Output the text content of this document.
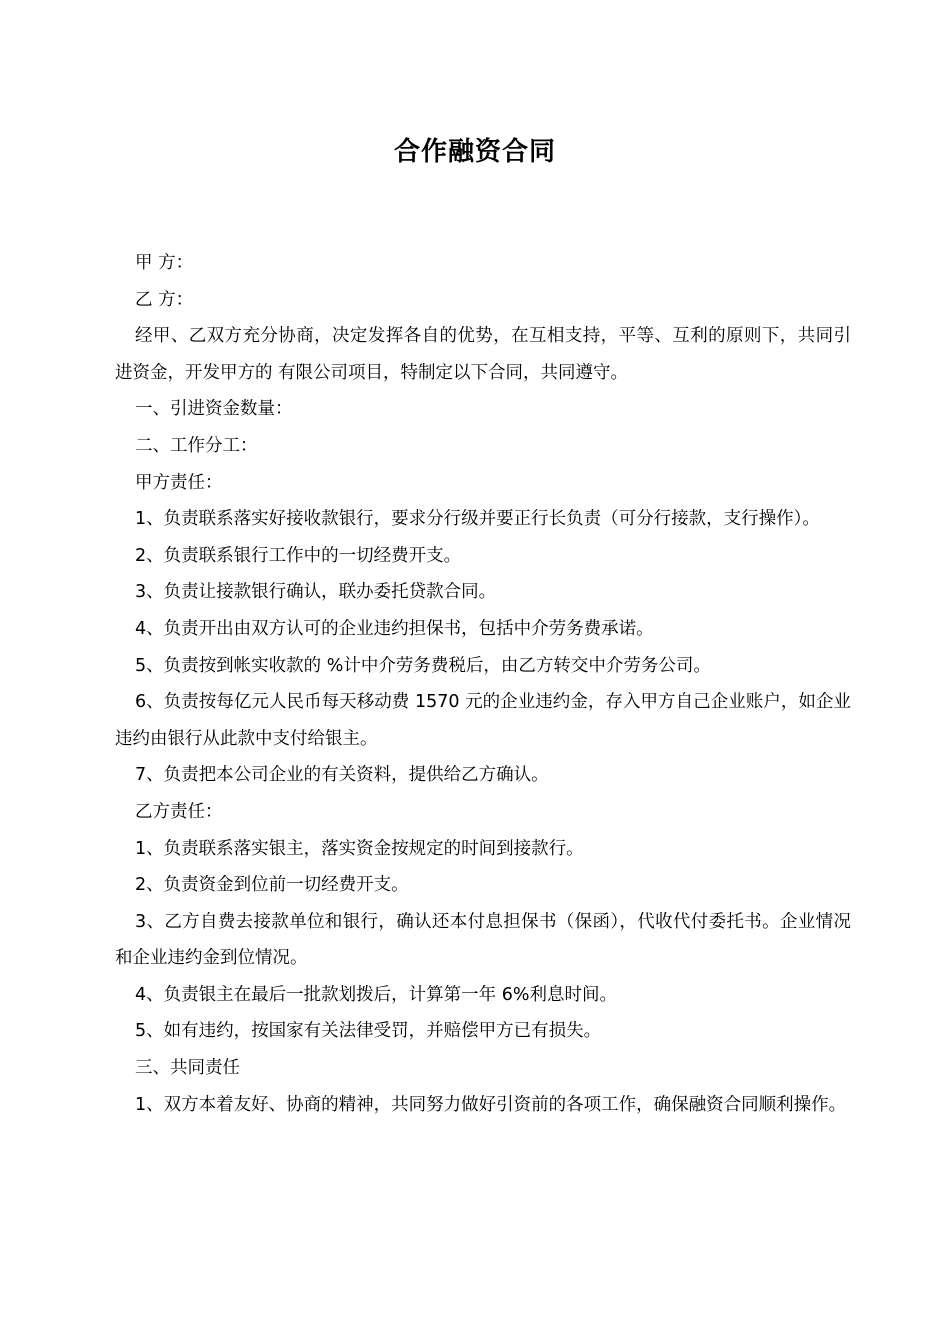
合作融资合同

甲 方：

乙 方：

经甲、乙双方充分协商，决定发挥各自的优势，在互相支持，平等、互利的原则下，共同引进资金，开发甲方的 有限公司项目，特制定以下合同，共同遵守。

一、引进资金数量：

二、工作分工：

甲方责任：

1、负责联系落实好接收款银行，要求分行级并要正行长负责（可分行接款，支行操作）。

2、负责联系银行工作中的一切经费开支。

3、负责让接款银行确认，联办委托贷款合同。

4、负责开出由双方认可的企业违约担保书，包括中介劳务费承诺。

5、负责按到帐实收款的 %计中介劳务费税后，由乙方转交中介劳务公司。

6、负责按每亿元人民币每天移动费 1570 元的企业违约金，存入甲方自己企业账户，如企业违约由银行从此款中支付给银主。

7、负责把本公司企业的有关资料，提供给乙方确认。

乙方责任：

1、负责联系落实银主，落实资金按规定的时间到接款行。

2、负责资金到位前一切经费开支。

3、乙方自费去接款单位和银行，确认还本付息担保书（保函），代收代付委托书。企业情况和企业违约金到位情况。

4、负责银主在最后一批款划拨后，计算第一年 6%利息时间。

5、如有违约，按国家有关法律受罚，并赔偿甲方已有损失。

三、共同责任

1、双方本着友好、协商的精神，共同努力做好引资前的各项工作，确保融资合同顺利操作。
